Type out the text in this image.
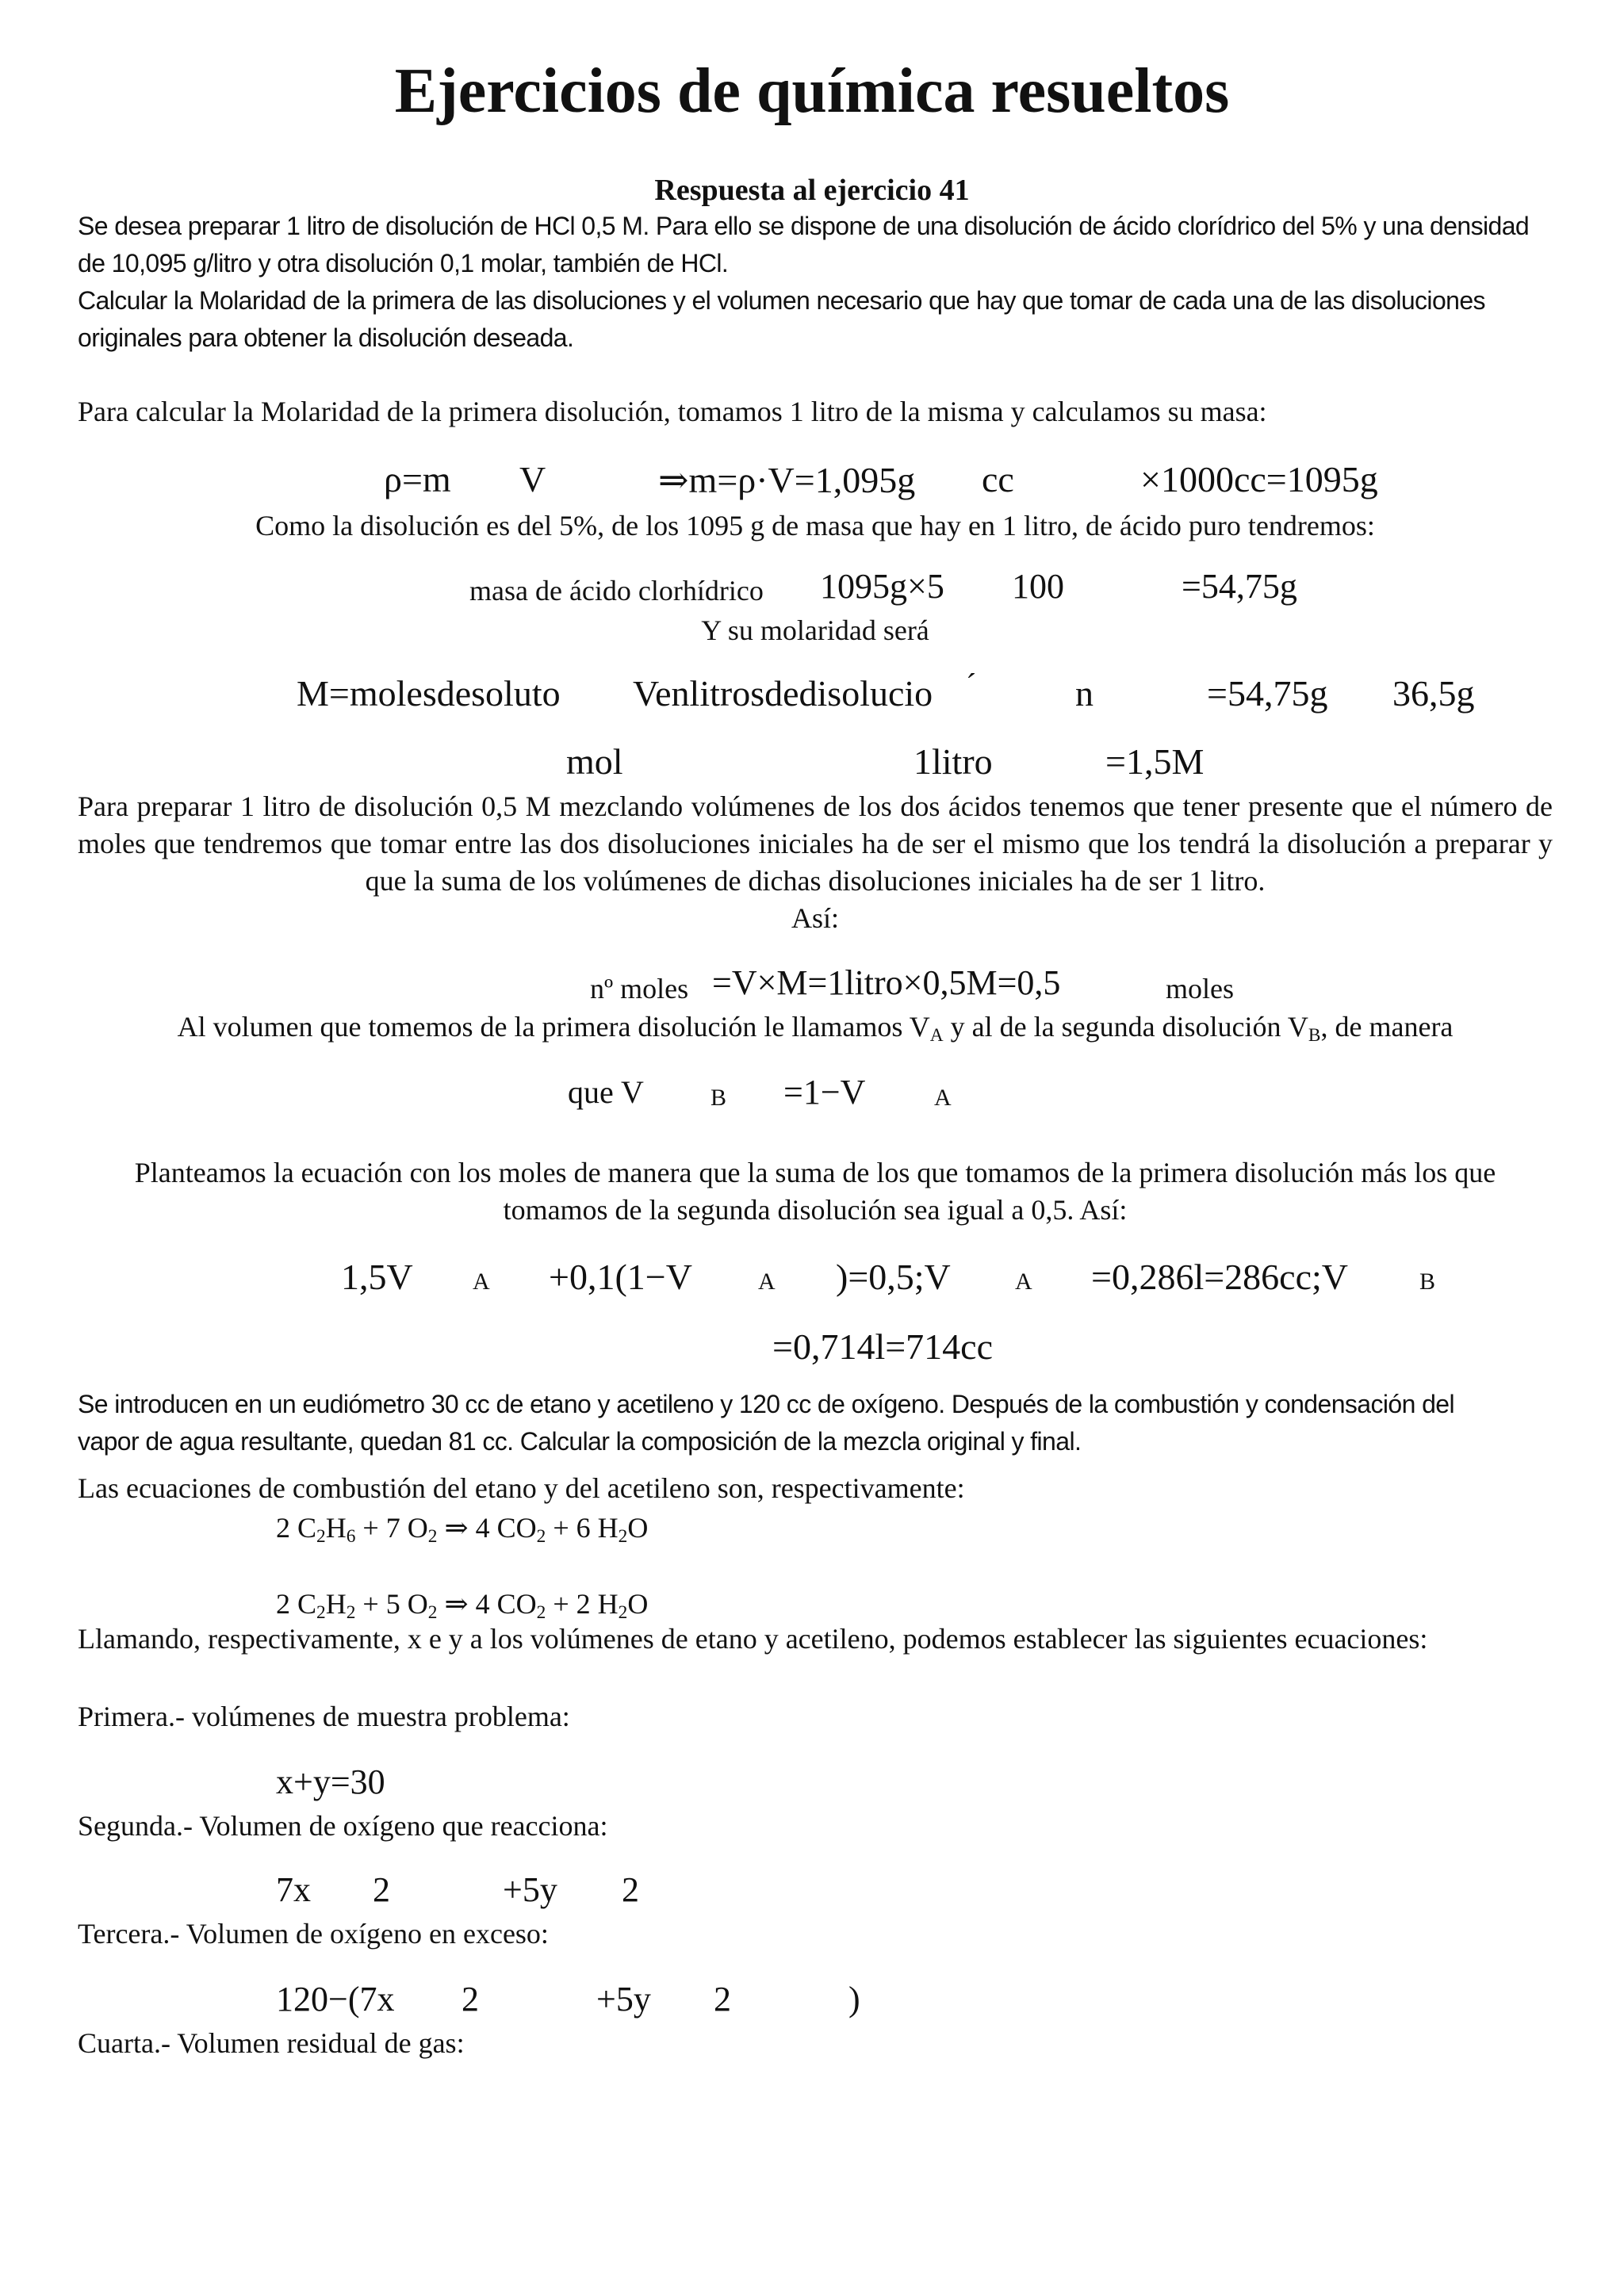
Ejercicios de química resueltos
Respuesta al ejercicio 41
Se desea preparar 1 litro de disolución de HCl 0,5 M. Para ello se dispone de una disolución de ácido clorídrico del 5% y una densidad de 10,095 g/litro y otra disolución 0,1 molar, también de HCl.
Calcular la Molaridad de la primera de las disoluciones y el volumen necesario que hay que tomar de cada una de las disoluciones originales para obtener la disolución deseada.
Para calcular la Molaridad de la primera disolución, tomamos 1 litro de la misma y calculamos su masa:
ρ=m V	⇒m=ρ·V=1,095g cc	×1000cc=1095g
Como la disolución es del 5%, de los 1095 g de masa que hay en 1 litro, de ácido puro tendremos:
masa de ácido clorhídrico 1095g×5 100	=54,75g
Y su molaridad será
M=molesdesoluto Venlitrosdedisolucio ´	n	=54,75g 36,5g
mol	1litro	=1,5M
Para preparar 1 litro de disolución 0,5 M mezclando volúmenes de los dos ácidos tenemos que tener presente que el número de moles que tendremos que tomar entre las dos disoluciones iniciales ha de ser el mismo que los tendrá la disolución a preparar y que la suma de los volúmenes de dichas disoluciones iniciales ha de ser 1 litro.
Así:
nº moles =V×M=1litro×0,5M=0,5	moles
Al volumen que tomemos de la primera disolución le llamamos $V_A$ y al de la segunda disolución $V_B$, de manera
que V	B =1−V	A
Planteamos la ecuación con los moles de manera que la suma de los que tomamos de la primera disolución más los que tomamos de la segunda disolución sea igual a 0,5. Así:
1,5V	A +0,1(1−V	A )=0,5;V	A =0,286l=286cc;V	B
=0,714l=714cc
Se introducen en un eudiómetro 30 cc de etano y acetileno y 120 cc de oxígeno. Después de la combustión y condensación del vapor de agua resultante, quedan 81 cc. Calcular la composición de la mezcla original y final.
Las ecuaciones de combustión del etano y del acetileno son, respectivamente:
2 $C_2H_6 + 7$ $O_2$ ⇒ 4 $CO_2 + 6$ $H_2O$
2 $C_2H_2 + 5$ $O_2$ ⇒ 4 $CO_2 + 2$ $H_2O$
Llamando, respectivamente, x e y a los volúmenes de etano y acetileno, podemos establecer las siguientes ecuaciones:
Primera.- volúmenes de muestra problema:
x+y=30
Segunda.- Volumen de oxígeno que reacciona:
7x 2	+5y 2
Tercera.- Volumen de oxígeno en exceso:
120−(7x 2	+5y 2	)
Cuarta.- Volumen residual de gas:
